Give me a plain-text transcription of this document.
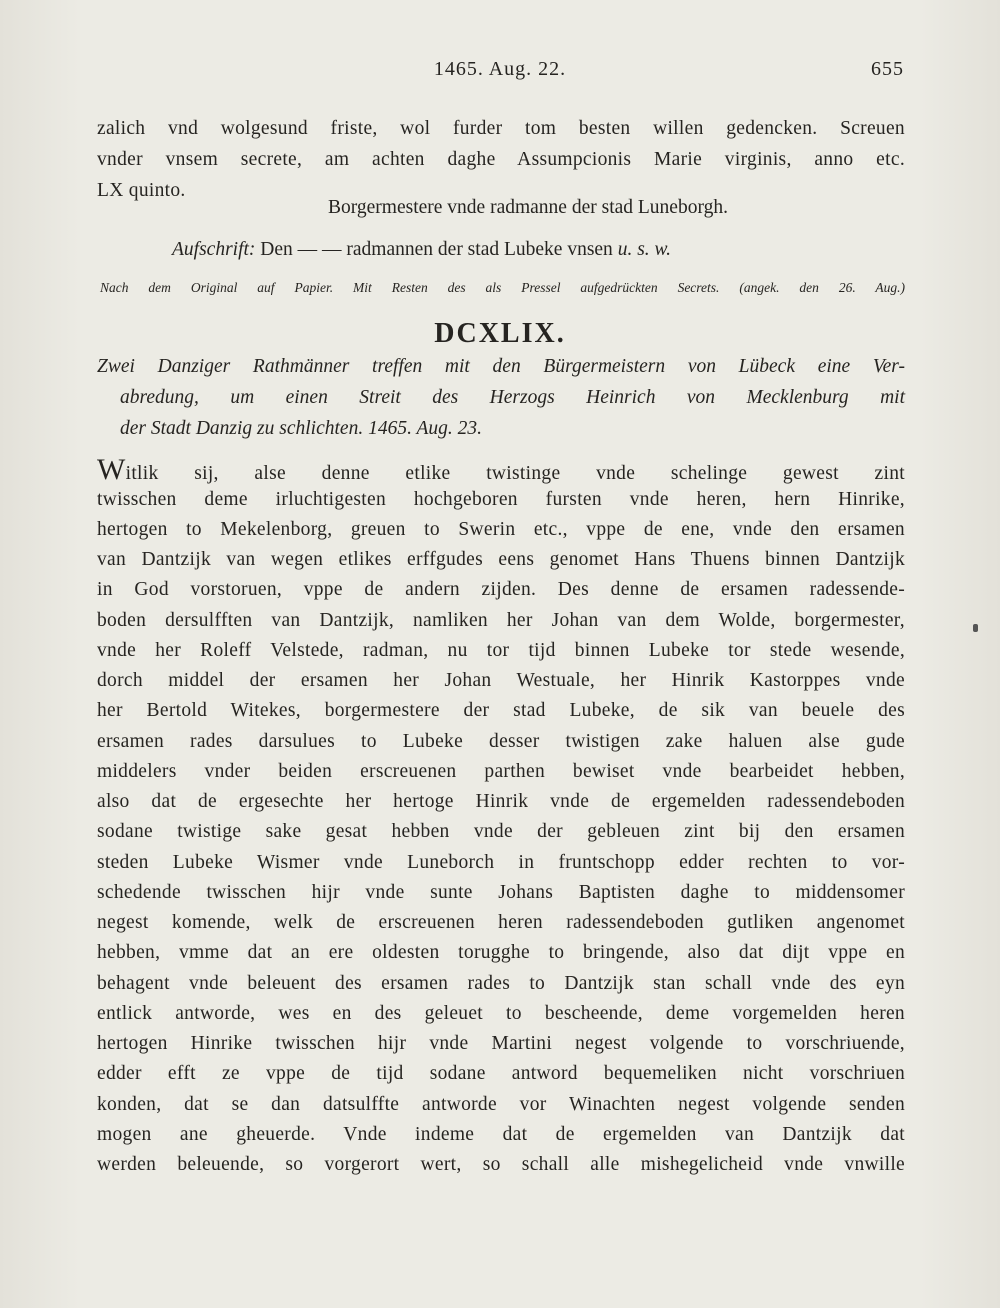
1465. Aug. 22.	655
zalich vnd wolgesund friste, wol furder tom besten willen gedencken. Screuen
vnder vnsem secrete, am achten daghe Assumpcionis Marie virginis, anno etc.
LX quinto.
Borgermestere vnde radmanne der stad Luneborgh.
Aufschrift: Den — — radmannen der stad Lubeke vnsen u. s. w.
Nach dem Original auf Papier. Mit Resten des als Pressel aufgedrückten Secrets. (angek. den 26. Aug.)
DCXLIX.
Zwei Danziger Rathmänner treffen mit den Bürgermeistern von Lübeck eine Ver-
abredung, um einen Streit des Herzogs Heinrich von Mecklenburg mit
der Stadt Danzig zu schlichten. 1465. Aug. 23.
Witlik sij, alse denne etlike twistinge vnde schelinge gewest zint
twisschen deme irluchtigesten hochgeboren fursten vnde heren, hern Hinrike,
hertogen to Mekelenborg, greuen to Swerin etc., vppe de ene, vnde den ersamen
van Dantzijk van wegen etlikes erffgudes eens genomet Hans Thuens binnen Dantzijk
in God vorstoruen, vppe de andern zijden. Des denne de ersamen radessende-
boden dersulfften van Dantzijk, namliken her Johan van dem Wolde, borgermester,
vnde her Roleff Velstede, radman, nu tor tijd binnen Lubeke tor stede wesende,
dorch middel der ersamen her Johan Westuale, her Hinrik Kastorppes vnde
her Bertold Witekes, borgermestere der stad Lubeke, de sik van beuele des
ersamen rades darsulues to Lubeke desser twistigen zake haluen alse gude
middelers vnder beiden erscreuenen parthen bewiset vnde bearbeidet hebben,
also dat de ergesechte her hertoge Hinrik vnde de ergemelden radessendeboden
sodane twistige sake gesat hebben vnde der gebleuen zint bij den ersamen
steden Lubeke Wismer vnde Luneborch in fruntschopp edder rechten to vor-
schedende twisschen hijr vnde sunte Johans Baptisten daghe to middensomer
negest komende, welk de erscreuenen heren radessendeboden gutliken angenomet
hebben, vmme dat an ere oldesten torugghe to bringende, also dat dijt vppe en
behagent vnde beleuent des ersamen rades to Dantzijk stan schall vnde des eyn
entlick antworde, wes en des geleuet to bescheende, deme vorgemelden heren
hertogen Hinrike twisschen hijr vnde Martini negest volgende to vorschriuende,
edder efft ze vppe de tijd sodane antword bequemeliken nicht vorschriuen
konden, dat se dan datsulffte antworde vor Winachten negest volgende senden
mogen ane gheuerde. Vnde indeme dat de ergemelden van Dantzijk dat
werden beleuende, so vorgerort wert, so schall alle mishegelicheid vnde vnwille
